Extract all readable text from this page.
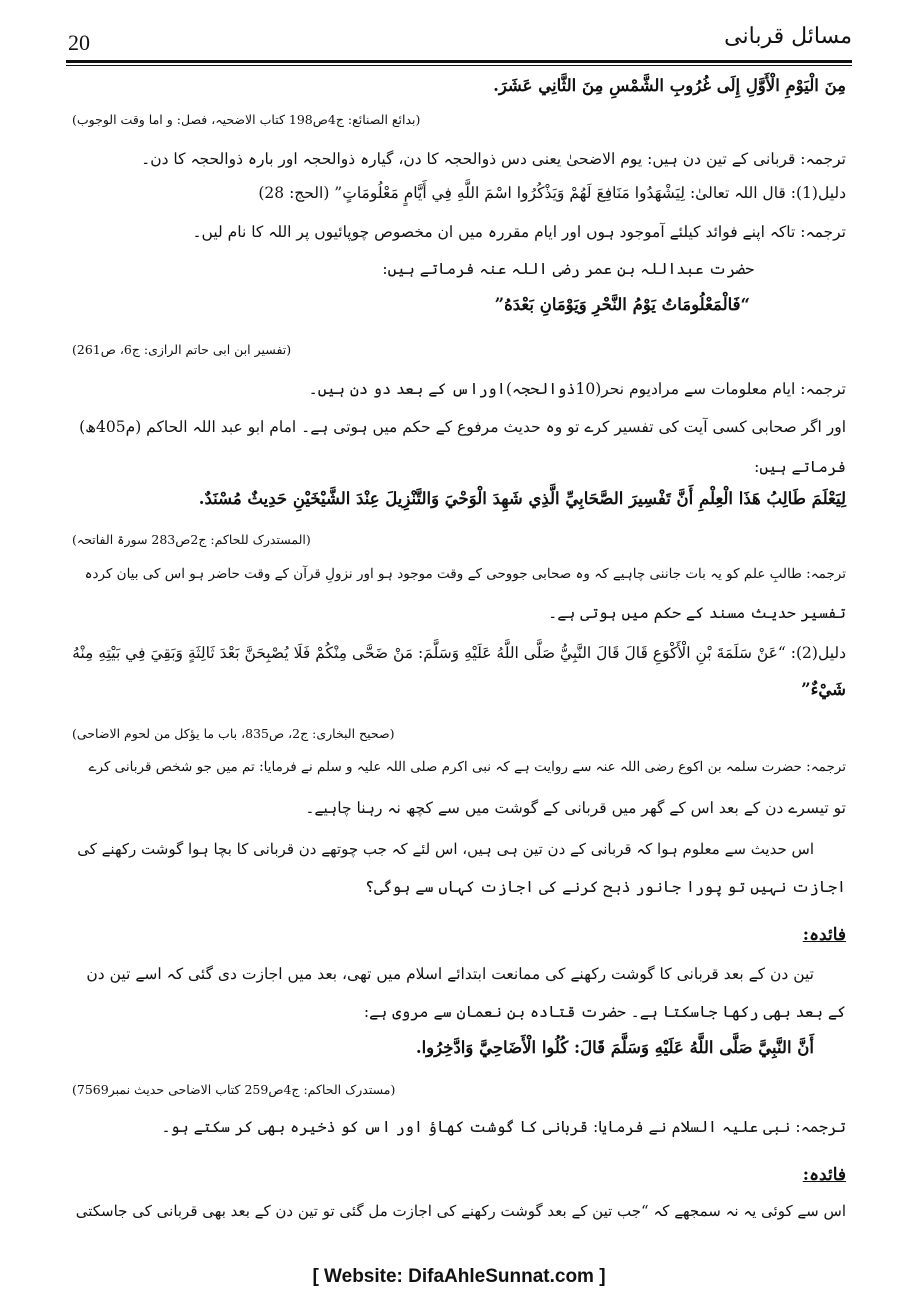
20	مسائل قربانی
مِنَ الْيَوْمِ الْأَوَّلِ إِلَى غُرُوبِ الشَّمْسِ مِنَ الثَّانِي عَشَرَ.
(بدائع الصنائع: ج4ص198 کتاب الاضحیہ، فصل: و اما وقت الوجوب)
ترجمہ: قربانی کے تین دن ہیں: یوم الاضحیٰ یعنی دس ذوالحجہ کا دن، گیارہ ذوالحجہ اور بارہ ذوالحجہ کا دن۔
دلیل(1): قال اللہ تعالیٰ: لِيَشْهَدُوا مَنَافِعَ لَهُمْ وَيَذْكُرُوا اسْمَ اللَّهِ فِي أَيَّامٍ مَعْلُومَاتٍ” (الحج: 28)
ترجمہ: تاکہ اپنے فوائد کیلئے آموجود ہوں اور ایام مقررہ میں ان مخصوص چوپائیوں پر اللہ کا نام لیں۔
حضرت عبداللہ بن عمر رضی اللہ عنہ فرماتے ہیں:
“فَالْمَعْلُومَاتُ يَوْمُ النَّحْرِ وَيَوْمَانِ بَعْدَهُ”
(تفسیر ابن ابی حاتم الرازی: ج6، ص261)
ترجمہ: ایام معلومات سے مرادیوم نحر(10ذوالحجہ)اوراس کے بعد دو دن ہیں۔
اور اگر صحابی کسی آیت کی تفسیر کرے تو وہ حدیث مرفوع کے حکم میں ہوتی ہے۔ امام ابو عبد اللہ الحاکم (م405ھ)
فرماتے ہیں:
لِيَعْلَمَ طَالِبُ هَذَا الْعِلْمِ أَنَّ تَفْسِيرَ الصَّحَابِيِّ الَّذِي شَهِدَ الْوَحْيَ وَالتَّنْزِيلَ عِنْدَ الشَّيْخَيْنِ حَدِيثٌ مُسْنَدٌ.
(المستدرک للحاکم: ج2ص283 سورۃ الفاتحہ)
ترجمہ: طالبِ علم کو یہ بات جاننی چاہیے کہ وہ صحابی جووحی کے وقت موجود ہو اور نزولِ قرآن کے وقت حاضر ہو اس کی بیان کردہ
تفسیر حدیث مسند کے حکم میں ہوتی ہے۔
دلیل(2): “عَنْ سَلَمَةَ بْنِ الْأَكْوَعِ قَالَ قَالَ النَّبِيُّ صَلَّى اللَّهُ عَلَيْهِ وَسَلَّمَ: مَنْ ضَحَّى مِنْكُمْ فَلَا يُصْبِحَنَّ بَعْدَ ثَالِثَةٍ وَبَقِيَ فِي بَيْتِهِ مِنْهُ
شَيْءٌ”
(صحیح البخاری: ج2، ص835، باب ما یؤکل من لحوم الاضاحی)
ترجمہ: حضرت سلمہ بن اکوع رضی اللہ عنہ سے روایت ہے کہ نبی اکرم صلی اللہ علیہ و سلم نے فرمایا: تم میں جو شخص قربانی کرے
تو تیسرے دن کے بعد اس کے گھر میں قربانی کے گوشت میں سے کچھ نہ رہنا چاہیے۔
اس حدیث سے معلوم ہوا کہ قربانی کے دن تین ہی ہیں، اس لئے کہ جب چوتھے دن قربانی کا بچا ہوا گوشت رکھنے کی
اجازت نہیں تو پورا جانور ذبح کرنے کی اجازت کہاں سے ہوگی؟
فائدہ:
تین دن کے بعد قربانی کا گوشت رکھنے کی ممانعت ابتدائے اسلام میں تھی، بعد میں اجازت دی گئی کہ اسے تین دن
کے بعد بھی رکھا جاسکتا ہے۔ حضرت قتادہ بن نعمان سے مروی ہے:
أَنَّ النَّبِيَّ صَلَّى اللَّهُ عَلَيْهِ وَسَلَّمَ قَالَ: كُلُوا الْأَضَاحِيَّ وَادَّخِرُوا.
(مستدرک الحاکم: ج4ص259 کتاب الاضاحی حدیث نمبر7569)
ترجمہ: نبی علیہ السلام نے فرمایا: قربانی کا گوشت کھاؤ اور اس کو ذخیرہ بھی کر سکتے ہو۔
فائدہ:
اس سے کوئی یہ نہ سمجھے کہ “جب تین کے بعد گوشت رکھنے کی اجازت مل گئی تو تین دن کے بعد بھی قربانی کی جاسکتی
[ Website: DifaAhleSunnat.com ]
